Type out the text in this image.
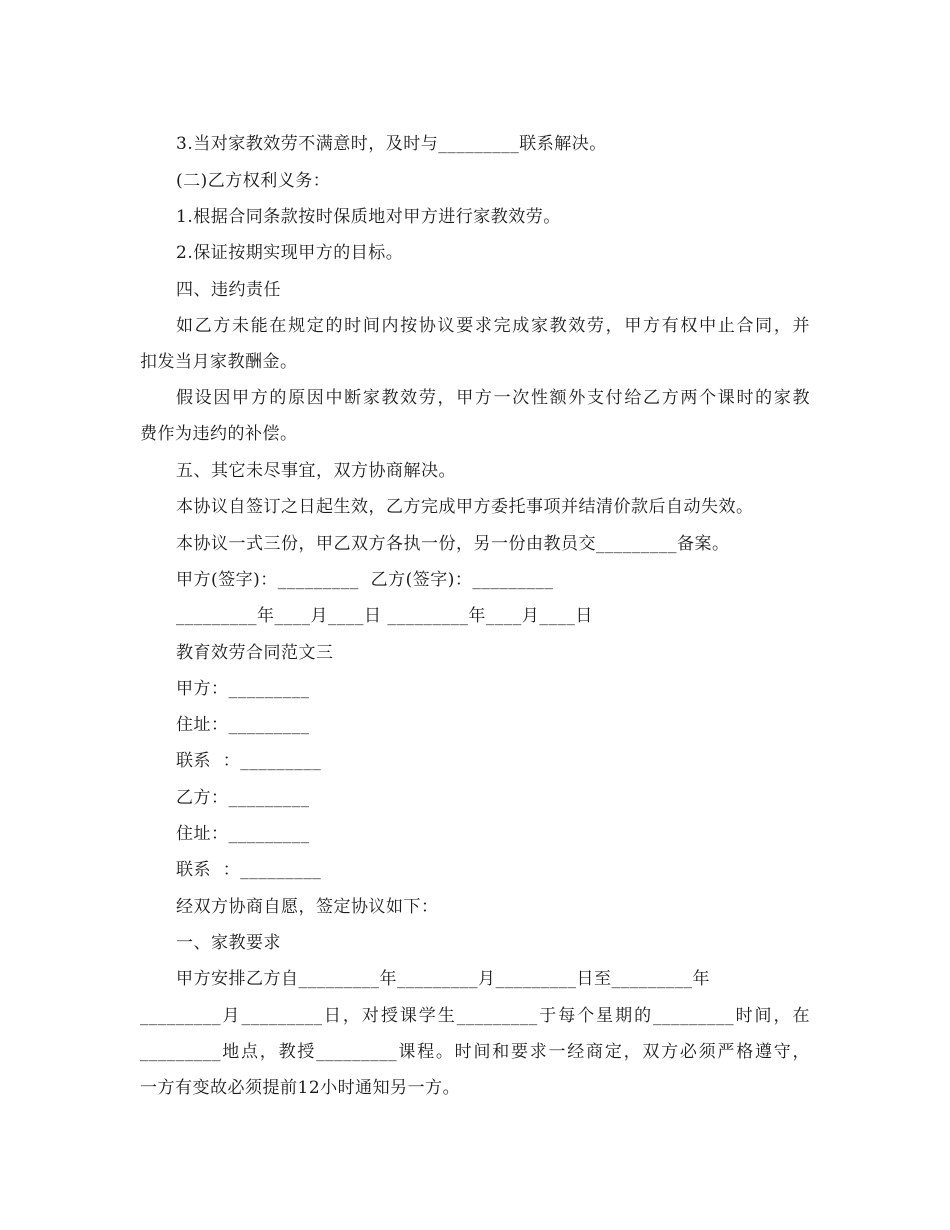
3.当对家教效劳不满意时，及时与_________联系解决。
(二)乙方权利义务：
1.根据合同条款按时保质地对甲方进行家教效劳。
2.保证按期实现甲方的目标。
四、违约责任
如乙方未能在规定的时间内按协议要求完成家教效劳，甲方有权中止合同，并
扣发当月家教酬金。
假设因甲方的原因中断家教效劳，甲方一次性额外支付给乙方两个课时的家教
费作为违约的补偿。
五、其它未尽事宜，双方协商解决。
本协议自签订之日起生效，乙方完成甲方委托事项并结清价款后自动失效。
本协议一式三份，甲乙双方各执一份，另一份由教员交_________备案。
甲方(签字)：_________  乙方(签字)：_________
_________年____月____日 _________年____月____日
教育效劳合同范文三
甲方：_________
住址：_________
联系  ：_________
乙方：_________
住址：_________
联系  ：_________
经双方协商自愿，签定协议如下：
一、家教要求
甲方安排乙方自_________年_________月_________日至_________年
_________月_________日，对授课学生_________于每个星期的_________时间，在
_________地点，教授_________课程。时间和要求一经商定，双方必须严格遵守，
一方有变故必须提前12小时通知另一方。
